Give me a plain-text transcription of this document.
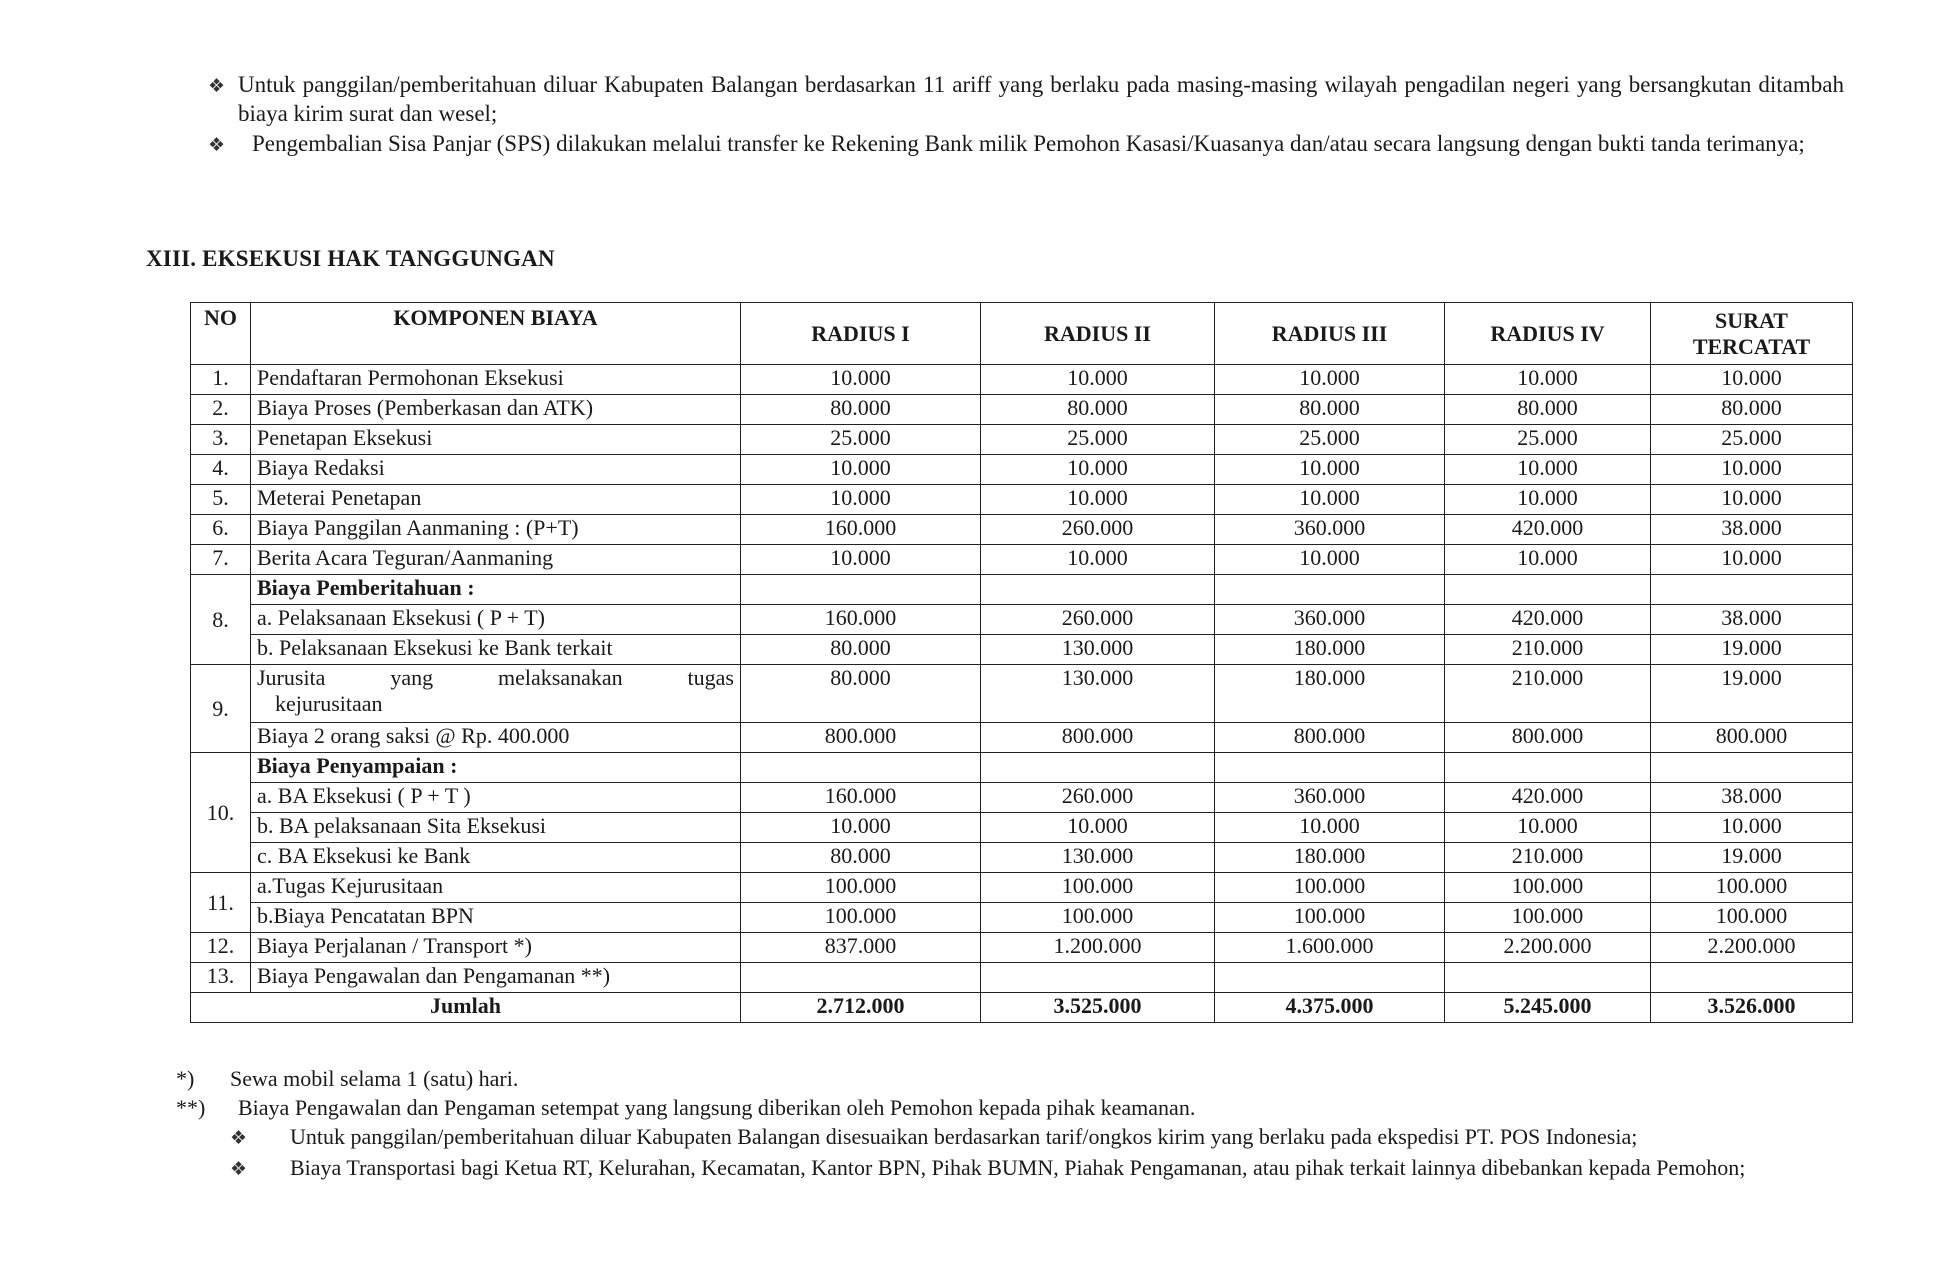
❖ Untuk panggilan/pemberitahuan diluar Kabupaten Balangan berdasarkan 11 ariff yang berlaku pada masing-masing wilayah pengadilan negeri yang bersangkutan ditambah biaya kirim surat dan wesel;
❖	Pengembalian Sisa Panjar (SPS) dilakukan melalui transfer ke Rekening Bank milik Pemohon Kasasi/Kuasanya dan/atau secara langsung dengan bukti tanda terimanya;
XIII. EKSEKUSI HAK TANGGUNGAN
NO	KOMPONEN BIAYA	RADIUS I	RADIUS II	RADIUS III	RADIUS IV	SURAT TERCATAT
1.	Pendaftaran Permohonan Eksekusi	10.000	10.000	10.000	10.000	10.000
2.	Biaya Proses (Pemberkasan dan ATK)	80.000	80.000	80.000	80.000	80.000
3.	Penetapan Eksekusi	25.000	25.000	25.000	25.000	25.000
4.	Biaya Redaksi	10.000	10.000	10.000	10.000	10.000
5.	Meterai Penetapan	10.000	10.000	10.000	10.000	10.000
6.	Biaya Panggilan Aanmaning : (P+T)	160.000	260.000	360.000	420.000	38.000
7.	Berita Acara Teguran/Aanmaning	10.000	10.000	10.000	10.000	10.000
8.	Biaya Pemberitahuan :					
	a. Pelaksanaan Eksekusi ( P + T)	160.000	260.000	360.000	420.000	38.000
	b. Pelaksanaan Eksekusi ke Bank terkait	80.000	130.000	180.000	210.000	19.000
9.	Jurusita yang melaksanakan tugas
kejurusitaan	80.000	130.000	180.000	210.000	19.000
	Biaya 2 orang saksi @ Rp. 400.000	800.000	800.000	800.000	800.000	800.000
10.	Biaya Penyampaian :					
	a. BA Eksekusi ( P + T )	160.000	260.000	360.000	420.000	38.000
	b. BA pelaksanaan Sita Eksekusi	10.000	10.000	10.000	10.000	10.000
	c. BA Eksekusi ke Bank	80.000	130.000	180.000	210.000	19.000
11.	a.Tugas Kejurusitaan	100.000	100.000	100.000	100.000	100.000
	b.Biaya Pencatatan BPN	100.000	100.000	100.000	100.000	100.000
12.	Biaya Perjalanan / Transport *)	837.000	1.200.000	1.600.000	2.200.000	2.200.000
13.	Biaya Pengawalan dan Pengamanan **)					
Jumlah		2.712.000	3.525.000	4.375.000	5.245.000	3.526.000
*)	Sewa mobil selama 1 (satu) hari.
**)	Biaya Pengawalan dan Pengaman setempat yang langsung diberikan oleh Pemohon kepada pihak keamanan.
❖	Untuk panggilan/pemberitahuan diluar Kabupaten Balangan disesuaikan berdasarkan tarif/ongkos kirim yang berlaku pada ekspedisi PT. POS Indonesia;
❖	Biaya Transportasi bagi Ketua RT, Kelurahan, Kecamatan, Kantor BPN, Pihak BUMN, Piahak Pengamanan, atau pihak terkait lainnya dibebankan kepada Pemohon;
